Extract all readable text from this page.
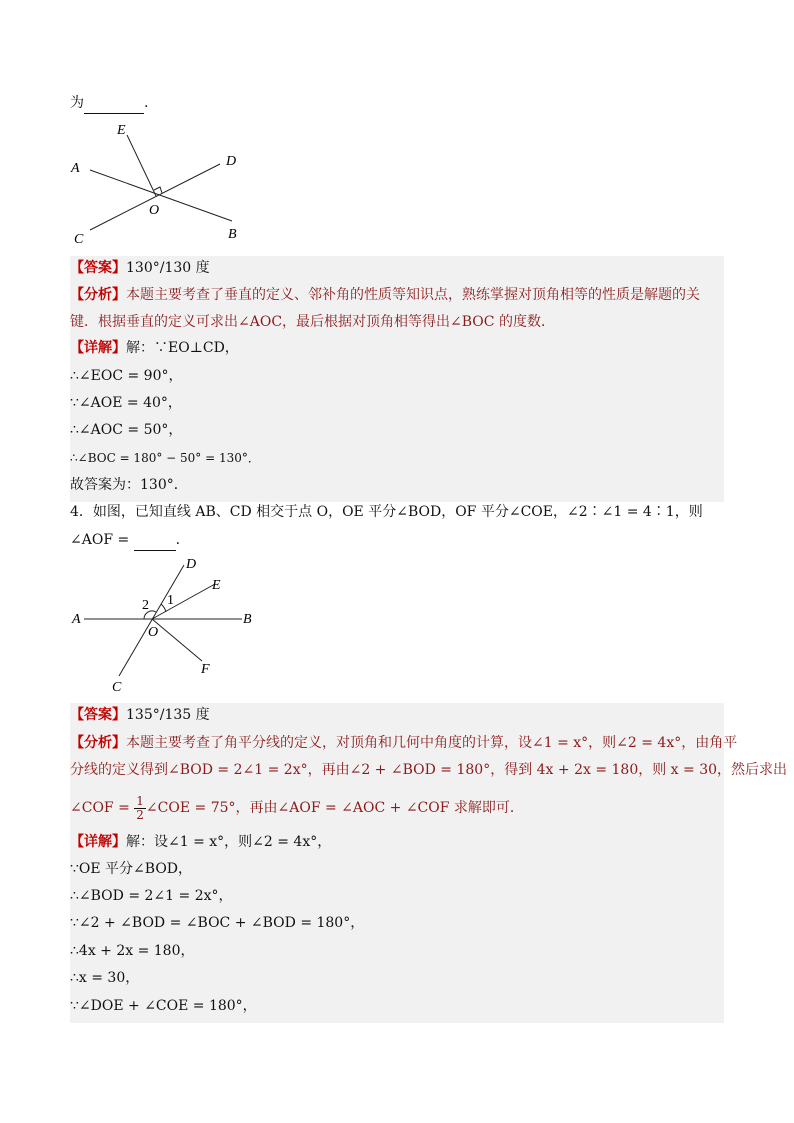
为	.
E
A	D
O
C	B
【答案】130°/130 度
【分析】本题主要考查了垂直的定义、邻补角的性质等知识点，熟练掌握对顶角相等的性质是解题的关
键．根据垂直的定义可求出∠AOC，最后根据对顶角相等得出∠BOC 的度数．
【详解】解：∵EO⊥CD，
∴∠EOC = 90°，
∵∠AOE = 40°，
∴∠AOC = 50°，
∴∠BOC = 180° − 50° = 130°．
故答案为：130°．
4．如图，已知直线 AB、CD 相交于点 O，OE 平分∠BOD，OF 平分∠COE，∠2∶∠1 = 4∶1，则
∠AOF =	.
D
E
2 1
A
O
B
F
C
【答案】135°/135 度
【分析】本题主要考查了角平分线的定义，对顶角和几何中角度的计算，设∠1 = x°，则∠2 = 4x°，由角平
分线的定义得到∠BOD = 2∠1 = 2x°，再由∠2 + ∠BOD = 180°，得到 4x + 2x = 180，则 x = 30，然后求出
∠COF = $\frac{1}{2}$ ∠COE = 75°，再由∠AOF = ∠AOC + ∠COF 求解即可．
【详解】解：设∠1 = x°，则∠2 = 4x°，
∵OE 平分∠BOD，
∴∠BOD = 2∠1 = 2x°，
∵∠2 + ∠BOD = ∠BOC + ∠BOD = 180°，
∴4x + 2x = 180，
∴x = 30，
∵∠DOE + ∠COE = 180°，
